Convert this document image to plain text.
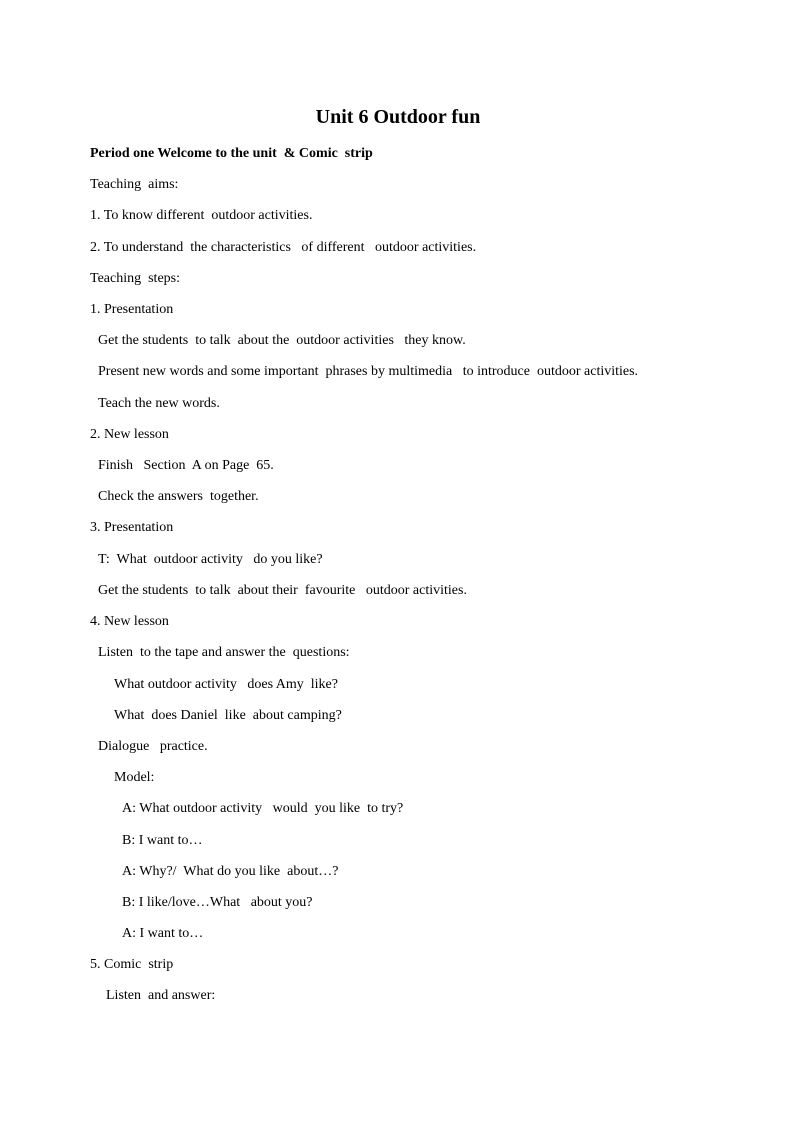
Unit 6 Outdoor fun
Period one Welcome to the unit  & Comic  strip
Teaching  aims:
1. To know different  outdoor activities.
2. To understand  the characteristics   of different   outdoor activities.
Teaching  steps:
1. Presentation
Get the students  to talk  about the  outdoor activities   they know.
Present new words and some important  phrases by multimedia   to introduce  outdoor activities.
Teach the new words.
2. New lesson
Finish   Section  A on Page  65.
Check the answers  together.
3. Presentation
T:  What  outdoor activity   do you like?
Get the students  to talk  about their  favourite   outdoor activities.
4. New lesson
Listen  to the tape and answer the  questions:
What outdoor activity   does Amy  like?
What  does Daniel  like  about camping?
Dialogue   practice.
Model:
A: What outdoor activity   would  you like  to try?
B: I want to…
A: Why?/  What do you like  about…?
B: I like/love…What   about you?
A: I want to…
5. Comic  strip
Listen  and answer:
